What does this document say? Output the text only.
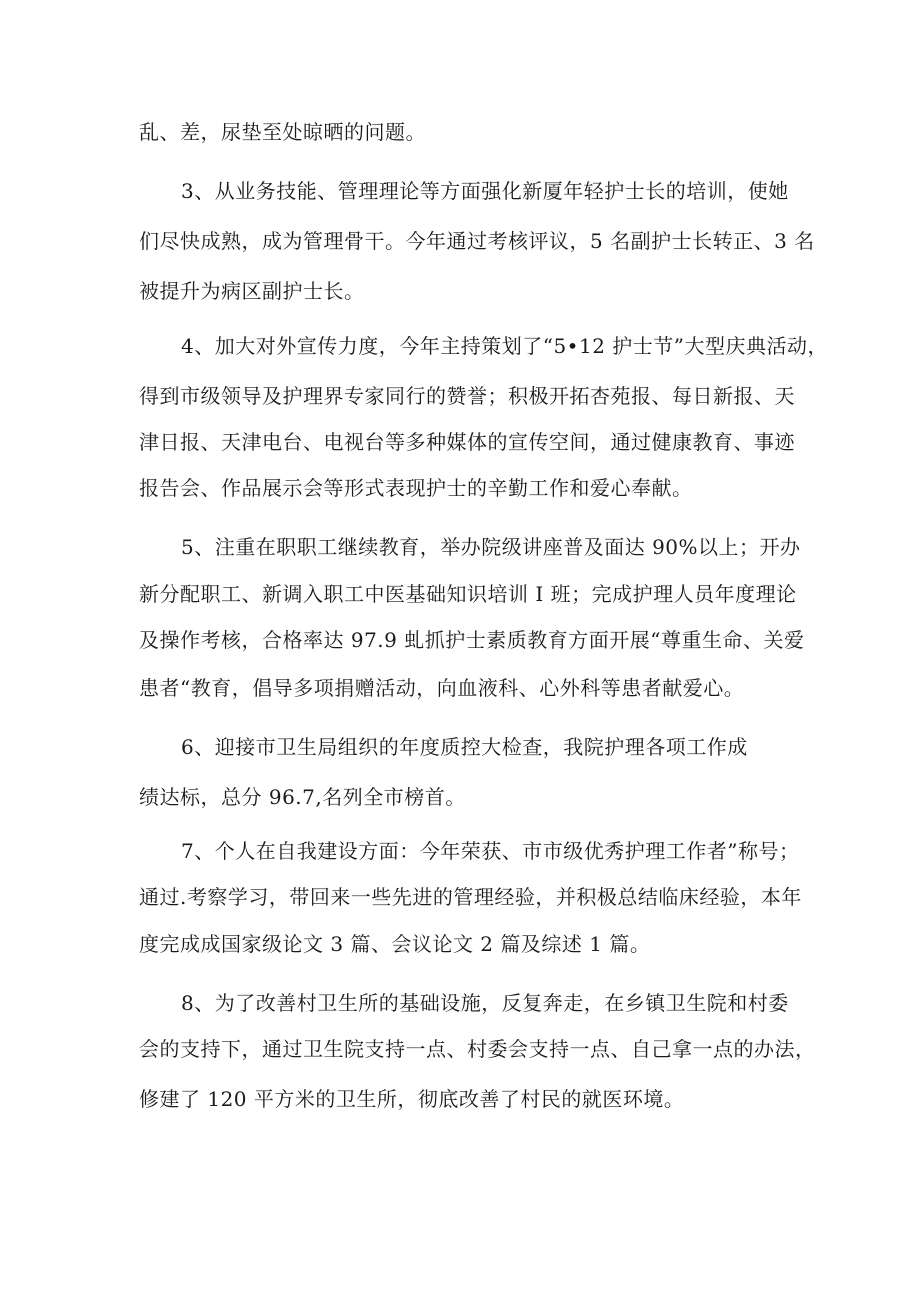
乱、差，尿垫至处晾晒的问题。
3、从业务技能、管理理论等方面强化新厦年轻护士长的培训，使她
们尽快成熟，成为管理骨干。今年通过考核评议，5 名副护士长转正、3 名
被提升为病区副护士长。
4、加大对外宣传力度，今年主持策划了“5•12 护士节”大型庆典活动，
得到市级领导及护理界专家同行的赞誉；积极开拓杏苑报、每日新报、天
津日报、天津电台、电视台等多种媒体的宣传空间，通过健康教育、事迹
报告会、作品展示会等形式表现护士的辛勤工作和爱心奉献。
5、注重在职职工继续教育，举办院级讲座普及面达 90%以上；开办
新分配职工、新调入职工中医基础知识培训 I 班；完成护理人员年度理论
及操作考核，合格率达 97.9 虬抓护士素质教育方面开展“尊重生命、关爱
患者“教育，倡导多项捐赠活动，向血液科、心外科等患者献爱心。
6、迎接市卫生局组织的年度质控大检查，我院护理各项工作成
绩达标，总分 96.7,名列全市榜首。
7、个人在自我建设方面：今年荣获、市市级优秀护理工作者”称号；
通过.考察学习，带回来一些先进的管理经验，并积极总结临床经验，本年
度完成成国家级论文 3 篇、会议论文 2 篇及综述 1 篇。
8、为了改善村卫生所的基础设施，反复奔走，在乡镇卫生院和村委
会的支持下，通过卫生院支持一点、村委会支持一点、自己拿一点的办法，
修建了 120 平方米的卫生所，彻底改善了村民的就医环境。
